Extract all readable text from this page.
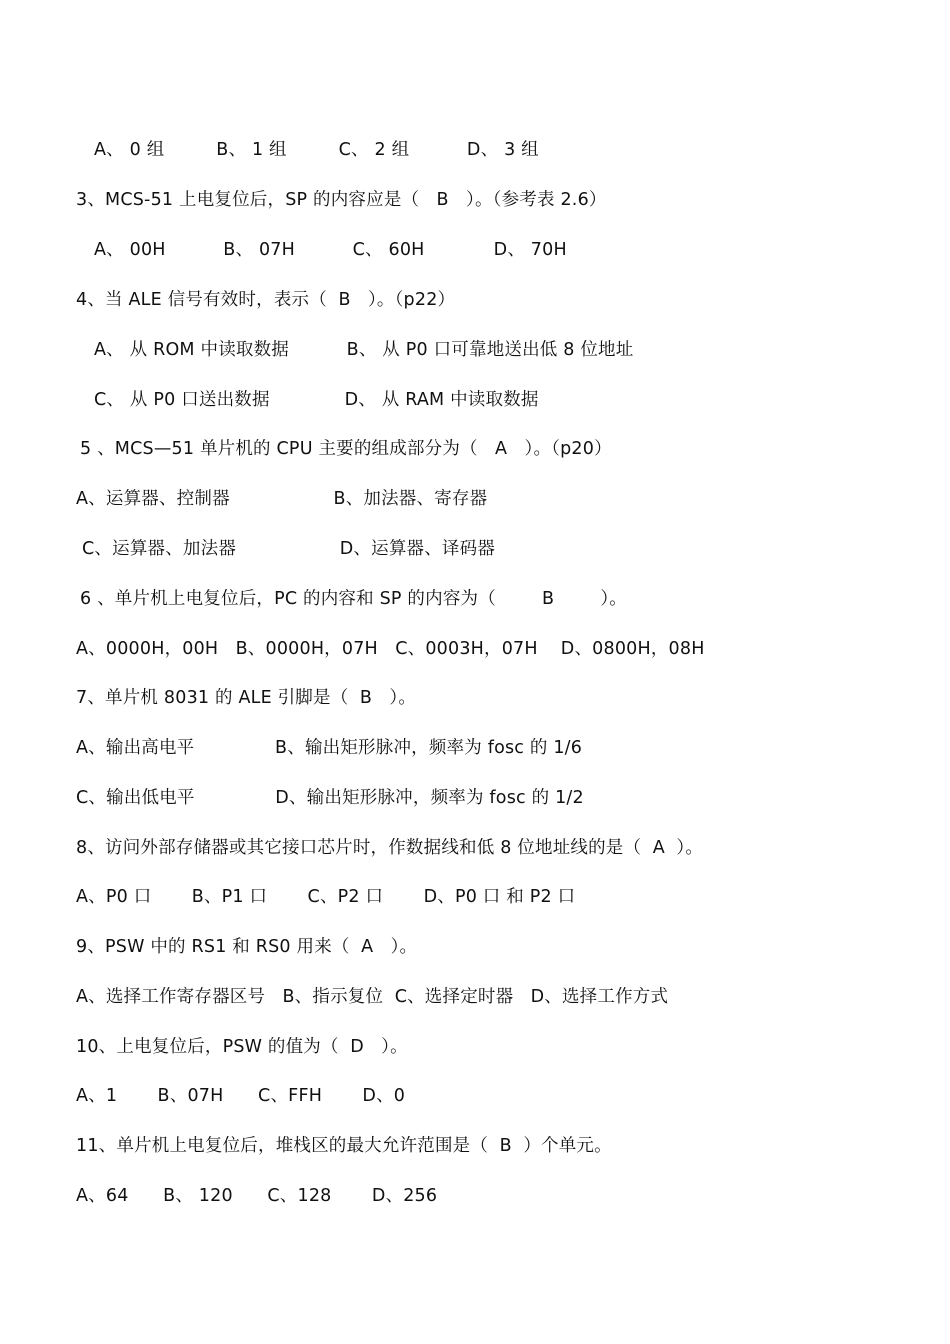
A、 0 组         B、 1 组         C、 2 组          D、 3 组
3、MCS-51 上电复位后，SP 的内容应是（   B   ）。（参考表 2.6）
A、 00H          B、 07H          C、 60H            D、 70H
4、当 ALE 信号有效时，表示（  B   ）。（p22）
A、 从 ROM 中读取数据          B、 从 P0 口可靠地送出低 8 位地址
C、 从 P0 口送出数据             D、 从 RAM 中读取数据
5 、MCS—51 单片机的 CPU 主要的组成部分为（   A   ）。（p20）
A、运算器、控制器                  B、加法器、寄存器
C、运算器、加法器                  D、运算器、译码器
6 、单片机上电复位后，PC 的内容和 SP 的内容为（        B        ）。
A、0000H，00H   B、0000H，07H   C、0003H，07H    D、0800H，08H
7、单片机 8031 的 ALE 引脚是（  B   ）。
A、输出高电平              B、输出矩形脉冲，频率为 fosc 的 1/6
C、输出低电平              D、输出矩形脉冲，频率为 fosc 的 1/2
8、访问外部存储器或其它接口芯片时，作数据线和低 8 位地址线的是（  A  ）。
A、P0 口       B、P1 口       C、P2 口       D、P0 口 和 P2 口
9、PSW 中的 RS1 和 RS0 用来（  A   ）。
A、选择工作寄存器区号   B、指示复位  C、选择定时器   D、选择工作方式
10、上电复位后，PSW 的值为（  D   ）。
A、1       B、07H      C、FFH       D、0
11、单片机上电复位后，堆栈区的最大允许范围是（  B  ）个单元。
A、64      B、 120      C、128       D、256
